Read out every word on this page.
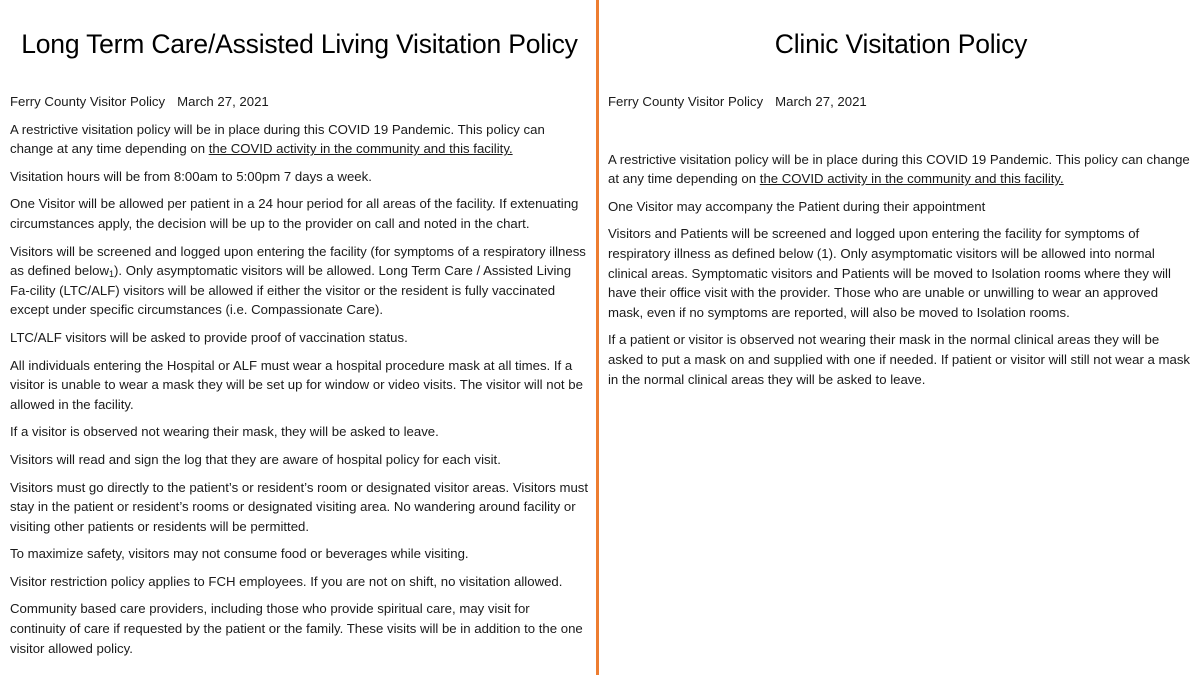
Long Term Care/Assisted Living Visitation Policy

Ferry County Visitor Policy March 27, 2021

A restrictive visitation policy will be in place during this COVID 19 Pandemic. This policy can change at any time depending on the COVID activity in the community and this facility.

Visitation hours will be from 8:00am to 5:00pm 7 days a week.

One Visitor will be allowed per patient in a 24 hour period for all areas of the facility. If extenuating circumstances apply, the decision will be up to the provider on call and noted in the chart.

Visitors will be screened and logged upon entering the facility (for symptoms of a respiratory illness as defined below$_1$). Only asymptomatic visitors will be allowed. Long Term Care / Assisted Living Fa-cility (LTC/ALF) visitors will be allowed if either the visitor or the resident is fully vaccinated except under specific circumstances (i.e. Compassionate Care).

LTC/ALF visitors will be asked to provide proof of vaccination status.

All individuals entering the Hospital or ALF must wear a hospital procedure mask at all times. If a visitor is unable to wear a mask they will be set up for window or video visits. The visitor will not be allowed in the facility.

If a visitor is observed not wearing their mask, they will be asked to leave.

Visitors will read and sign the log that they are aware of hospital policy for each visit.

Visitors must go directly to the patient’s or resident’s room or designated visitor areas. Visitors must stay in the patient or resident’s rooms or designated visiting area. No wandering around facility or visiting other patients or residents will be permitted.

To maximize safety, visitors may not consume food or beverages while visiting.

Visitor restriction policy applies to FCH employees. If you are not on shift, no visitation allowed.

Community based care providers, including those who provide spiritual care, may visit for continuity of care if requested by the patient or the family. These visits will be in addition to the one visitor allowed policy.

Clinic Visitation Policy

Ferry County Visitor Policy March 27, 2021

A restrictive visitation policy will be in place during this COVID 19 Pandemic. This policy can change at any time depending on the COVID activity in the community and this facility.

One Visitor may accompany the Patient during their appointment

Visitors and Patients will be screened and logged upon entering the facility for symptoms of respiratory illness as defined below (1). Only asymptomatic visitors will be allowed into normal clinical areas. Symptomatic visitors and Patients will be moved to Isolation rooms where they will have their office visit with the provider. Those who are unable or unwilling to wear an approved mask, even if no symptoms are reported, will also be moved to Isolation rooms.

If a patient or visitor is observed not wearing their mask in the normal clinical areas they will be asked to put a mask on and supplied with one if needed. If patient or visitor will still not wear a mask in the normal clinical areas they will be asked to leave.
